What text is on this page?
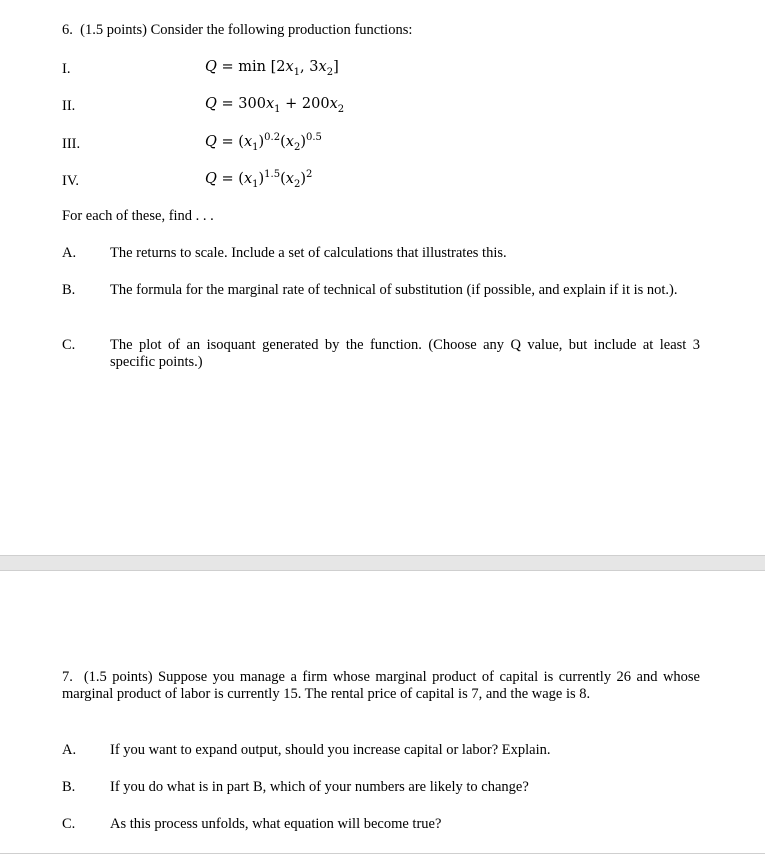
6. (1.5 points) Consider the following production functions:
I.	$Q = \min [2x_1$, $3x_2$]
II.	$Q = 300x_1 + 200x_2$
III.	$Q = (x_1)^{0.2}(x_2)^{0.5}$
IV.	$Q = (x_1)^{1.5}(x_2)^2$
For each of these, find . . .
A. The returns to scale. Include a set of calculations that illustrates this.
B. The formula for the marginal rate of technical of substitution (if possible, and explain if it is not.).
C. The plot of an isoquant generated by the function. (Choose any Q value, but include at least 3 specific points.)
7. (1.5 points) Suppose you manage a firm whose marginal product of capital is currently 26 and whose marginal product of labor is currently 15. The rental price of capital is 7, and the wage is 8.
A. If you want to expand output, should you increase capital or labor? Explain.
B. If you do what is in part B, which of your numbers are likely to change?
C. As this process unfolds, what equation will become true?
